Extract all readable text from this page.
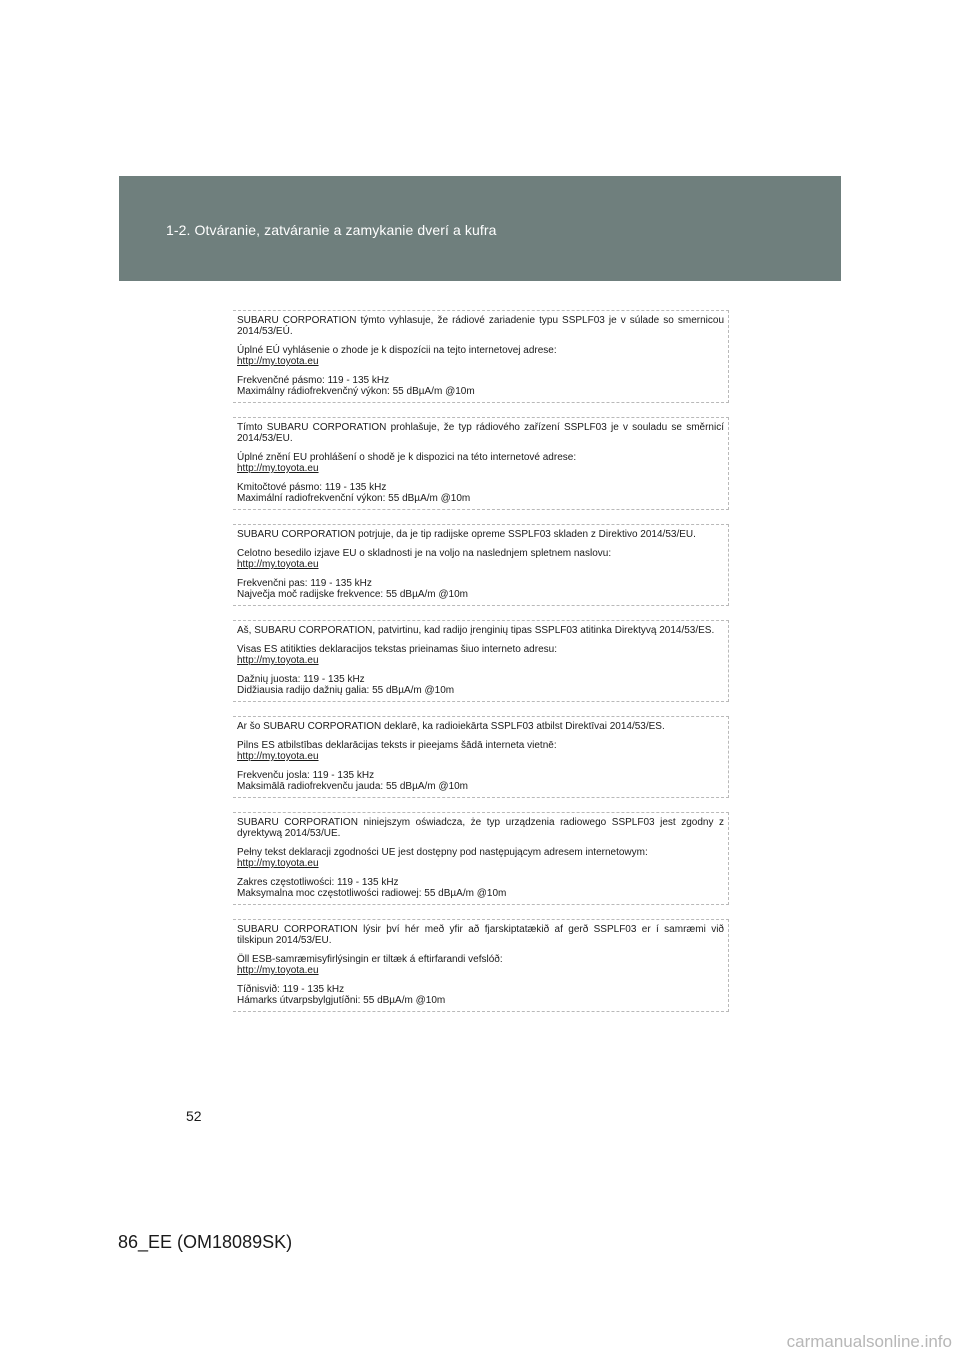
1-2. Otváranie, zatváranie a zamykanie dverí a kufra
SUBARU CORPORATION týmto vyhlasuje, že rádiové zariadenie typu SSPLF03 je v súlade so smernicou 2014/53/EÚ.
Úplné EÚ vyhlásenie o zhode je k dispozícii na tejto internetovej adrese:
http://my.toyota.eu
Frekvenčné pásmo: 119 - 135 kHz
Maximálny rádiofrekvenčný výkon: 55 dBµA/m @10m
Tímto SUBARU CORPORATION prohlašuje, že typ rádiového zařízení SSPLF03 je v souladu se směrnicí 2014/53/EU.
Úplné znění EU prohlášení o shodě je k dispozici na této internetové adrese:
http://my.toyota.eu
Kmitočtové pásmo: 119 - 135 kHz
Maximální radiofrekvenční výkon: 55 dBµA/m @10m
SUBARU CORPORATION potrjuje, da je tip radijske opreme SSPLF03 skladen z Direktivo 2014/53/EU.
Celotno besedilo izjave EU o skladnosti je na voljo na naslednjem spletnem naslovu:
http://my.toyota.eu
Frekvenčni pas: 119 - 135 kHz
Največja moč radijske frekvence: 55 dBµA/m @10m
Aš, SUBARU CORPORATION, patvirtinu, kad radijo įrenginių tipas SSPLF03 atitinka Direktyvą 2014/53/ES.
Visas ES atitikties deklaracijos tekstas prieinamas šiuo interneto adresu:
http://my.toyota.eu
Dažnių juosta: 119 - 135 kHz
Didžiausia radijo dažnių galia: 55 dBµA/m @10m
Ar šo SUBARU CORPORATION deklarē, ka radioiekārta SSPLF03 atbilst Direktīvai 2014/53/ES.
Pilns ES atbilstības deklarācijas teksts ir pieejams šādā interneta vietnē:
http://my.toyota.eu
Frekvenču josla: 119 - 135 kHz
Maksimālā radiofrekvenču jauda: 55 dBµA/m @10m
SUBARU CORPORATION niniejszym oświadcza, że typ urządzenia radiowego SSPLF03 jest zgodny z dyrektywą 2014/53/UE.
Pełny tekst deklaracji zgodności UE jest dostępny pod następującym adresem internetowym:
http://my.toyota.eu
Zakres częstotliwości: 119 - 135 kHz
Maksymalna moc częstotliwości radiowej: 55 dBµA/m @10m
SUBARU CORPORATION lýsir því hér með yfir að fjarskiptatækið af gerð SSPLF03 er í samræmi við tilskipun 2014/53/EU.
Öll ESB-samræmisyfirlýsingin er tiltæk á eftirfarandi vefslóð:
http://my.toyota.eu
Tíðnisvið: 119 - 135 kHz
Hámarks útvarpsbylgjutíðni: 55 dBµA/m @10m
52
86_EE (OM18089SK)
carmanualsonline.info
